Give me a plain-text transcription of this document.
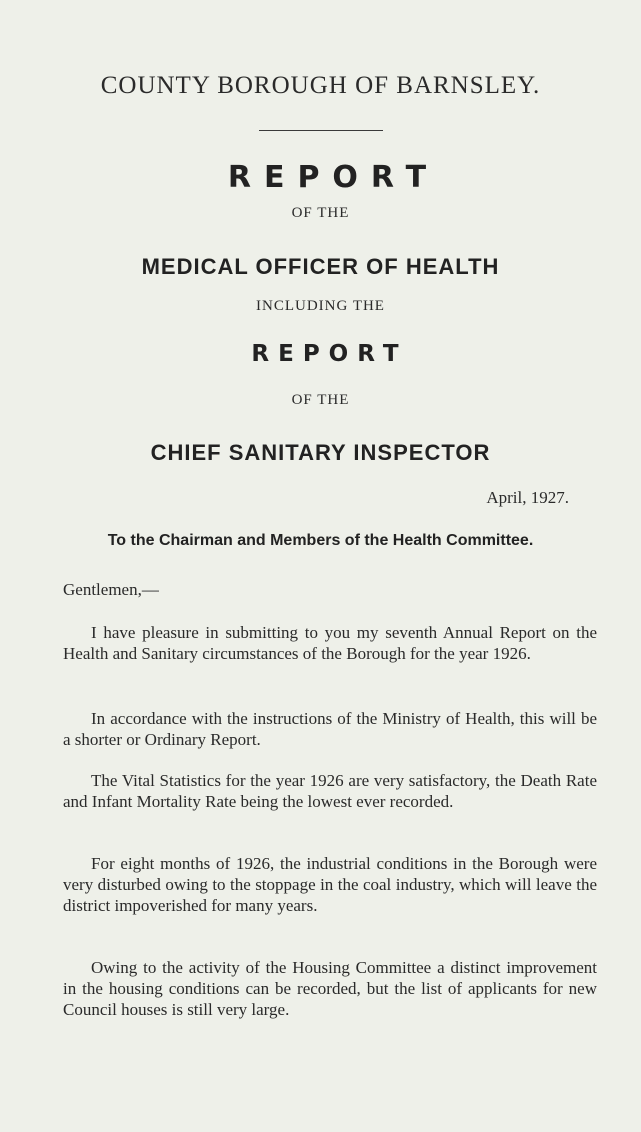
COUNTY BOROUGH OF BARNSLEY.
REPORT
OF THE
MEDICAL OFFICER OF HEALTH
INCLUDING THE
REPORT
OF THE
CHIEF SANITARY INSPECTOR

April, 1927.

To the Chairman and Members of the Health Committee.

Gentlemen,—

I have pleasure in submitting to you my seventh Annual Report on the Health and Sanitary circumstances of the Borough for the year 1926.

In accordance with the instructions of the Ministry of Health, this will be a shorter or Ordinary Report.

The Vital Statistics for the year 1926 are very satisfactory, the Death Rate and Infant Mortality Rate being the lowest ever recorded.

For eight months of 1926, the industrial conditions in the Borough were very disturbed owing to the stoppage in the coal industry, which will leave the district impoverished for many years.

Owing to the activity of the Housing Committee a distinct improvement in the housing conditions can be recorded, but the list of applicants for new Council houses is still very large.
